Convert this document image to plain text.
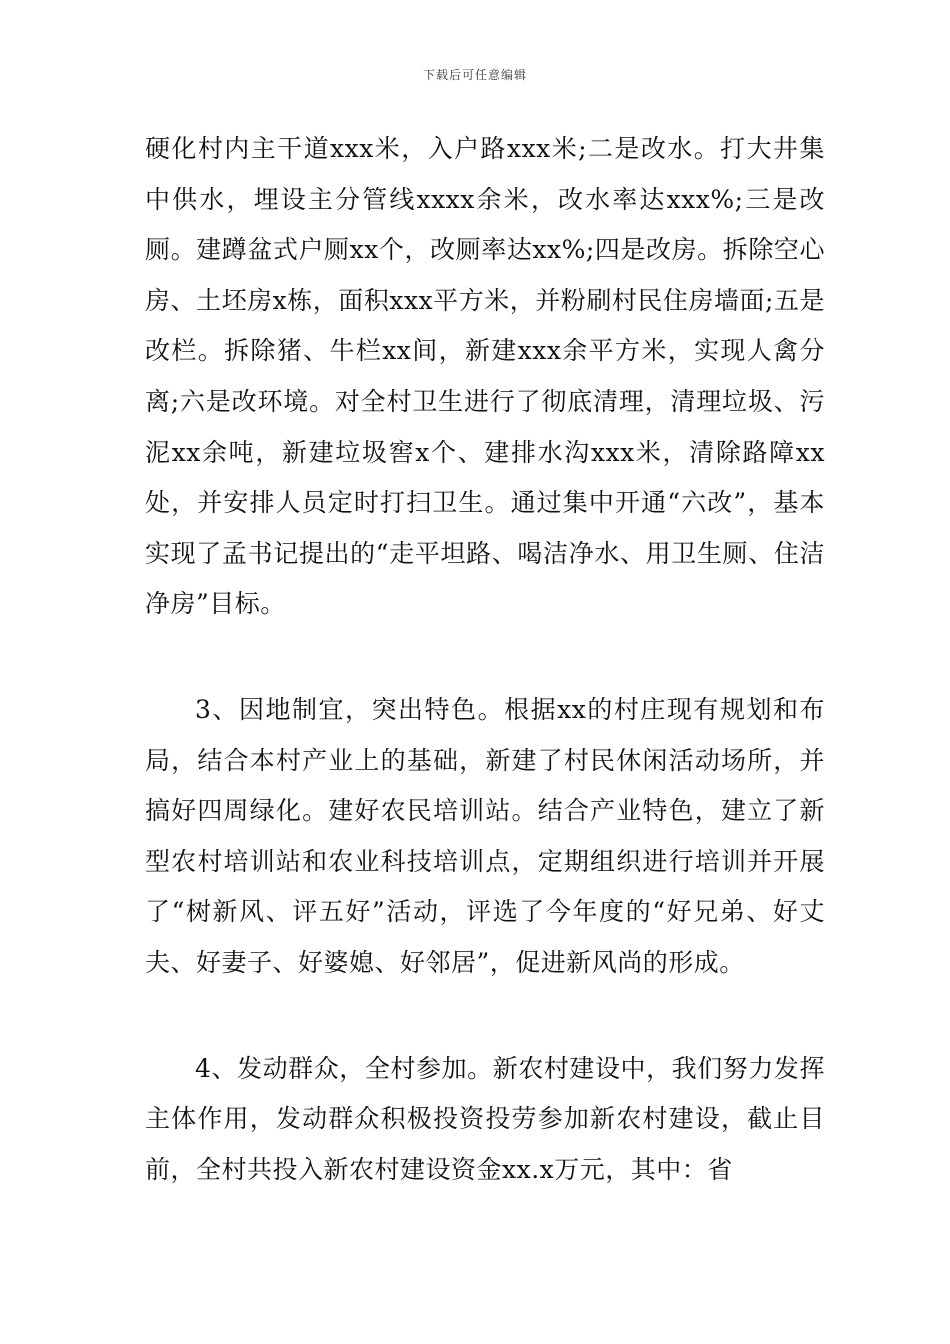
下载后可任意编辑

硬化村内主干道xxx米，入户路xxx米;二是改水。打大井集中供水，埋设主分管线xxxx余米，改水率达xxx%;三是改厕。建蹲盆式户厕xx个，改厕率达xx%;四是改房。拆除空心房、土坯房x栋，面积xxx平方米，并粉刷村民住房墙面;五是改栏。拆除猪、牛栏xx间，新建xxx余平方米，实现人禽分离;六是改环境。对全村卫生进行了彻底清理，清理垃圾、污泥xx余吨，新建垃圾窖x个、建排水沟xxx米，清除路障xx处，并安排人员定时打扫卫生。通过集中开通“六改”，基本实现了孟书记提出的“走平坦路、喝洁净水、用卫生厕、住洁净房”目标。

3、因地制宜，突出特色。根据xx的村庄现有规划和布局，结合本村产业上的基础，新建了村民休闲活动场所，并搞好四周绿化。建好农民培训站。结合产业特色，建立了新型农村培训站和农业科技培训点，定期组织进行培训并开展了“树新风、评五好”活动，评选了今年度的“好兄弟、好丈夫、好妻子、好婆媳、好邻居”，促进新风尚的形成。

4、发动群众，全村参加。新农村建设中，我们努力发挥主体作用，发动群众积极投资投劳参加新农村建设，截止目前，全村共投入新农村建设资金xx.x万元，其中：省
